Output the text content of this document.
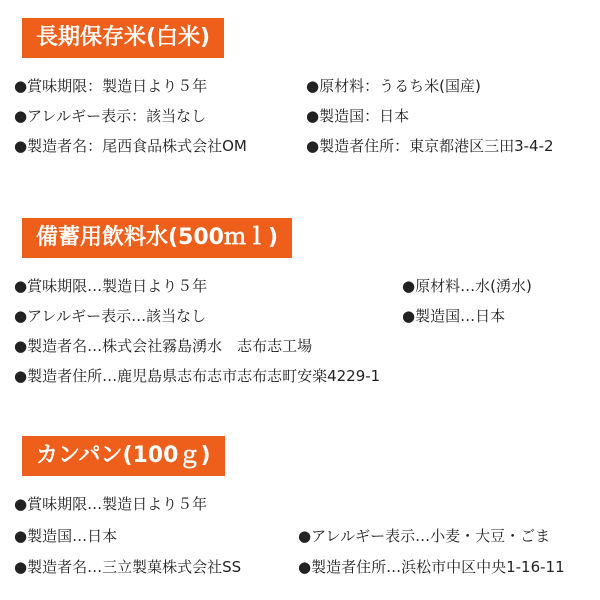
長期保存米(白米)
●賞味期限：製造日より５年	●原材料：うるち米(国産)
●アレルギー表示：該当なし	●製造国：日本
●製造者名：尾西食品株式会社OM	●製造者住所：東京都港区三田3-4-2
備蓄用飲料水(500ｍｌ)
●賞味期限…製造日より５年	●原材料…水(湧水)
●アレルギー表示…該当なし	●製造国…日本
●製造者名…株式会社霧島湧水　志布志工場
●製造者住所…鹿児島県志布志市志布志町安楽4229-1
カンパン(100ｇ)
●賞味期限…製造日より５年
●製造国…日本	●アレルギー表示…小麦・大豆・ごま
●製造者名…三立製菓株式会社SS	●製造者住所…浜松市中区中央1-16-11
